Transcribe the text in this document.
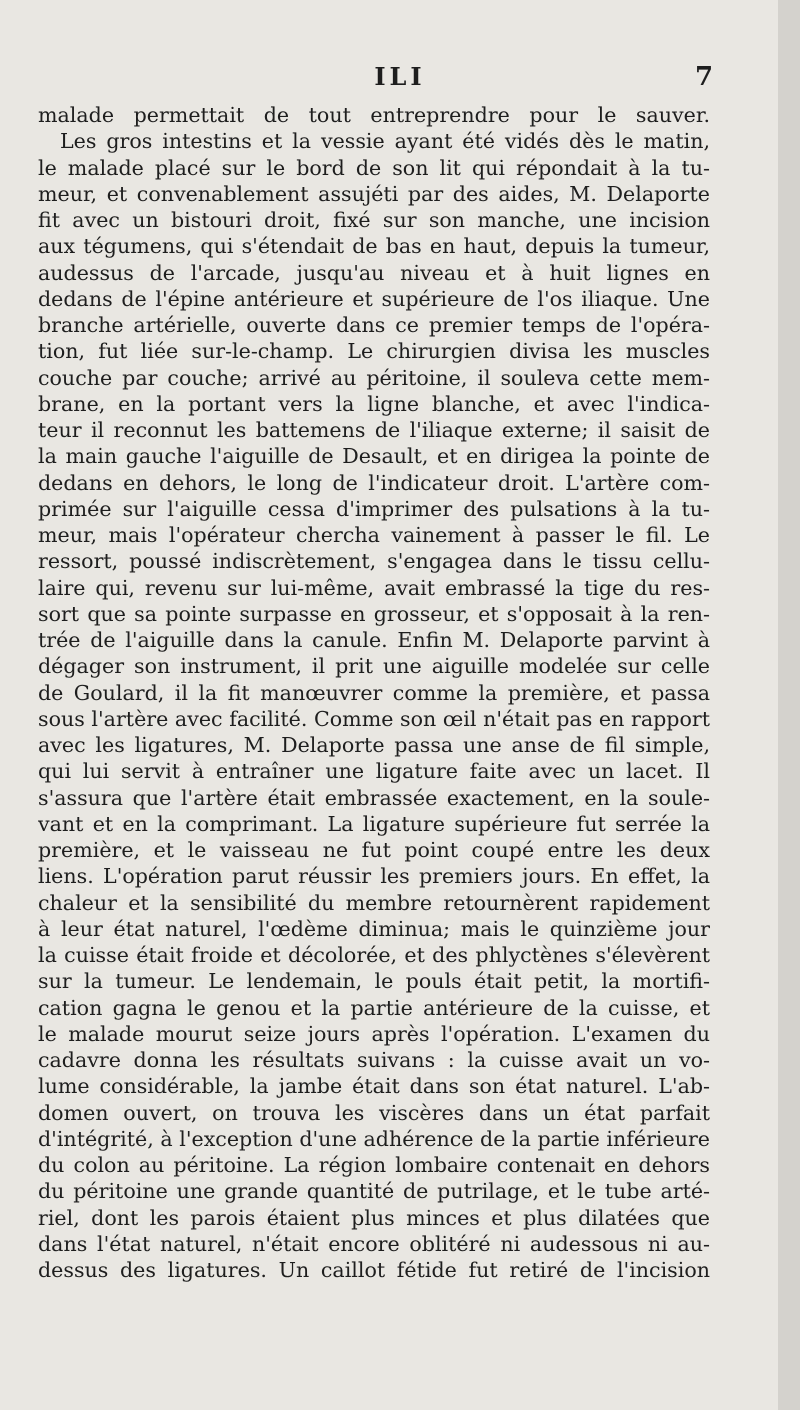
ILI	7
malade permettait de tout entreprendre pour le sauver.
Les gros intestins et la vessie ayant été vidés dès le matin,
le malade placé sur le bord de son lit qui répondait à la tu-
meur, et convenablement assujéti par des aides, M. Delaporte
fit avec un bistouri droit, fixé sur son manche, une incision
aux tégumens, qui s'étendait de bas en haut, depuis la tumeur,
audessus de l'arcade, jusqu'au niveau et à huit lignes en
dedans de l'épine antérieure et supérieure de l'os iliaque. Une
branche artérielle, ouverte dans ce premier temps de l'opéra-
tion, fut liée sur-le-champ. Le chirurgien divisa les muscles
couche par couche; arrivé au péritoine, il souleva cette mem-
brane, en la portant vers la ligne blanche, et avec l'indica-
teur il reconnut les battemens de l'iliaque externe; il saisit de
la main gauche l'aiguille de Desault, et en dirigea la pointe de
dedans en dehors, le long de l'indicateur droit. L'artère com-
primée sur l'aiguille cessa d'imprimer des pulsations à la tu-
meur, mais l'opérateur chercha vainement à passer le fil. Le
ressort, poussé indiscrètement, s'engagea dans le tissu cellu-
laire qui, revenu sur lui-même, avait embrassé la tige du res-
sort que sa pointe surpasse en grosseur, et s'opposait à la ren-
trée de l'aiguille dans la canule. Enfin M. Delaporte parvint à
dégager son instrument, il prit une aiguille modelée sur celle
de Goulard, il la fit manœuvrer comme la première, et passa
sous l'artère avec facilité. Comme son œil n'était pas en rapport
avec les ligatures, M. Delaporte passa une anse de fil simple,
qui lui servit à entraîner une ligature faite avec un lacet. Il
s'assura que l'artère était embrassée exactement, en la soule-
vant et en la comprimant. La ligature supérieure fut serrée la
première, et le vaisseau ne fut point coupé entre les deux
liens. L'opération parut réussir les premiers jours. En effet, la
chaleur et la sensibilité du membre retournèrent rapidement
à leur état naturel, l'œdème diminua; mais le quinzième jour
la cuisse était froide et décolorée, et des phlyctènes s'élevèrent
sur la tumeur. Le lendemain, le pouls était petit, la mortifi-
cation gagna le genou et la partie antérieure de la cuisse, et
le malade mourut seize jours après l'opération. L'examen du
cadavre donna les résultats suivans : la cuisse avait un vo-
lume considérable, la jambe était dans son état naturel. L'ab-
domen ouvert, on trouva les viscères dans un état parfait
d'intégrité, à l'exception d'une adhérence de la partie inférieure
du colon au péritoine. La région lombaire contenait en dehors
du péritoine une grande quantité de putrilage, et le tube arté-
riel, dont les parois étaient plus minces et plus dilatées que
dans l'état naturel, n'était encore oblitéré ni audessous ni au-
dessus des ligatures. Un caillot fétide fut retiré de l'incision
